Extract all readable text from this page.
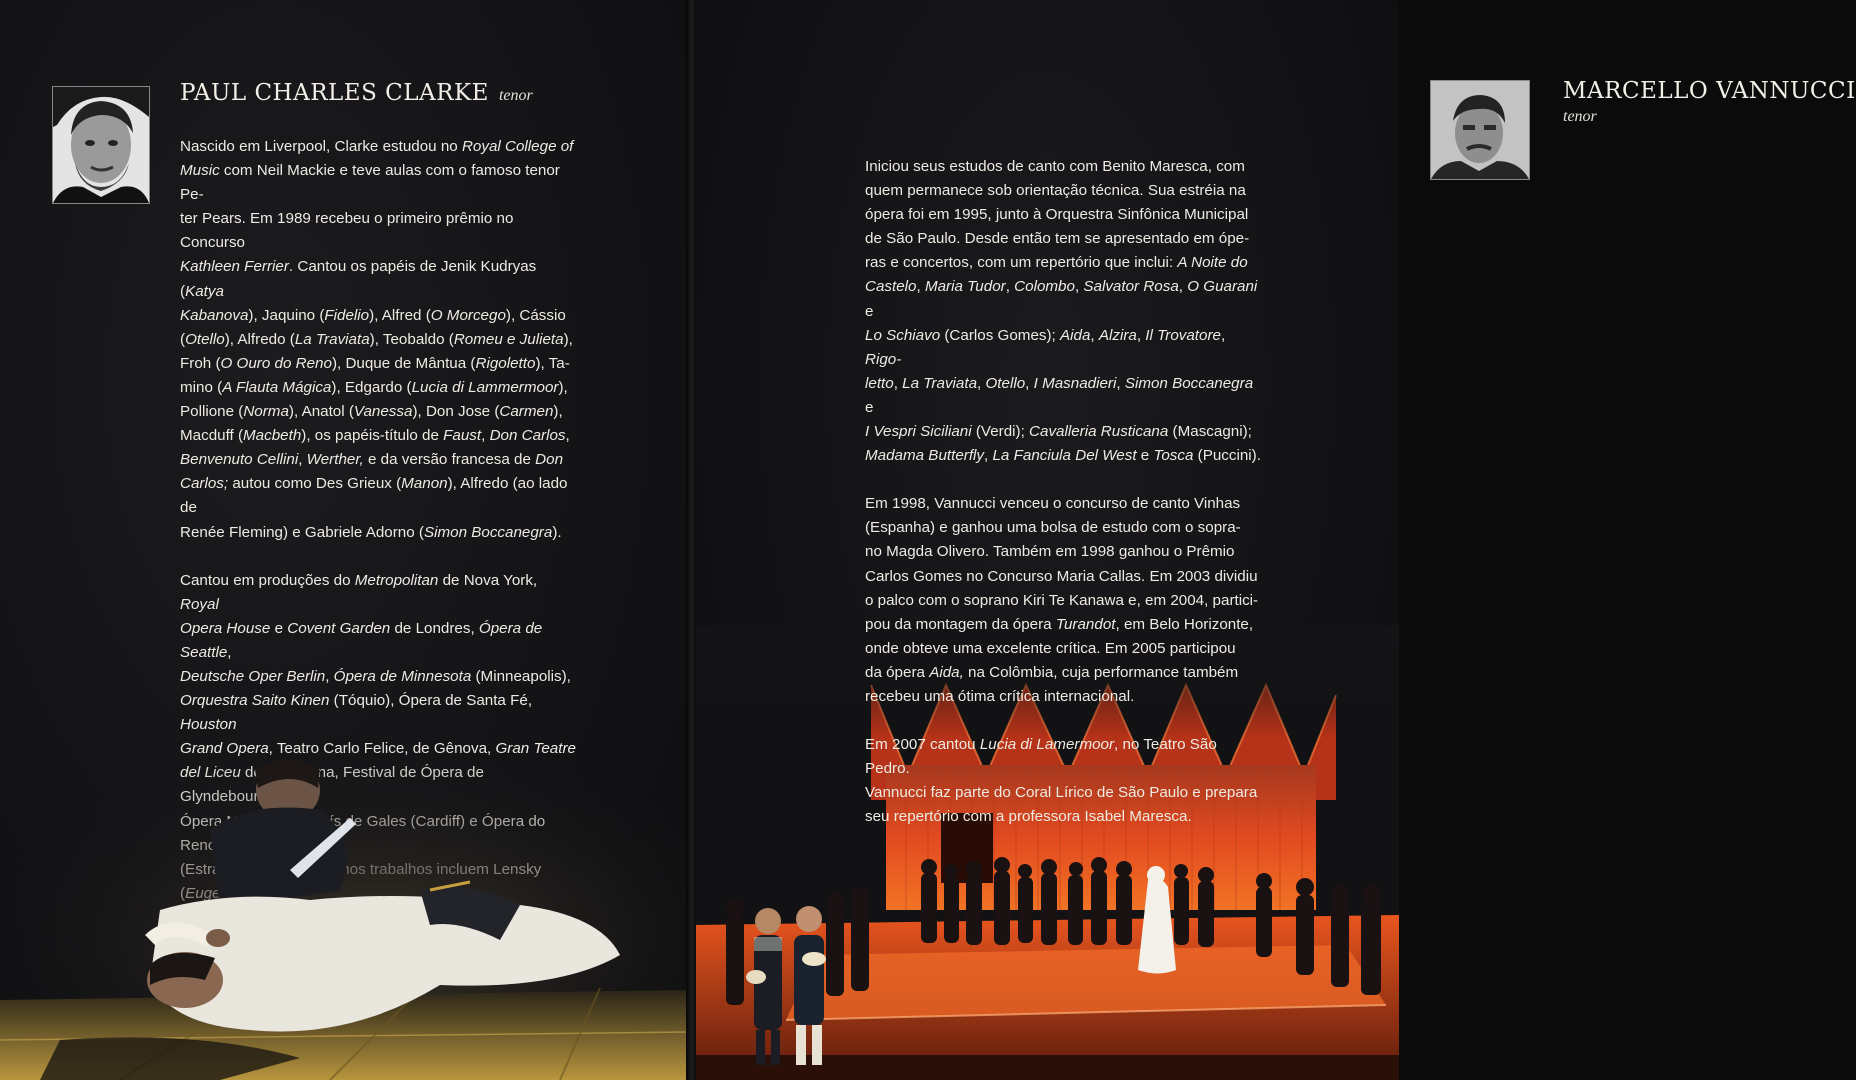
PAUL CHARLES CLARKE tenor

Nascido em Liverpool, Clarke estudou no Royal College of
Music com Neil Mackie e teve aulas com o famoso tenor Pe-
ter Pears. Em 1989 recebeu o primeiro prêmio no Concurso
Kathleen Ferrier. Cantou os papéis de Jenik Kudryas (Katya
Kabanova), Jaquino (Fidelio), Alfred (O Morcego), Cássio
(Otello), Alfredo (La Traviata), Teobaldo (Romeu e Julieta),
Froh (O Ouro do Reno), Duque de Mântua (Rigoletto), Ta-
mino (A Flauta Mágica), Edgardo (Lucia di Lammermoor),
Pollione (Norma), Anatol (Vanessa), Don Jose (Carmen),
Macduff (Macbeth), os papéis-título de Faust, Don Carlos,
Benvenuto Cellini, Werther, e da versão francesa de Don
Carlos; autou como Des Grieux (Manon), Alfredo (ao lado de
Renée Fleming) e Gabriele Adorno (Simon Boccanegra).

Cantou em produções do Metropolitan de Nova York, Royal
Opera House e Covent Garden de Londres, Ópera de Seattle,
Deutsche Oper Berlin, Ópera de Minnesota (Minneapolis),
Orquestra Saito Kinen (Tóquio), Ópera de Santa Fé, Houston

MARCELLO VANNUCCI
tenor

Iniciou seus estudos de canto com Benito Maresca, com
quem permanece sob orientação técnica. Sua estréia na
ópera foi em 1995, junto à Orquestra Sinfônica Municipal
de São Paulo. Desde então tem se apresentado em ópe-
ras e concertos, com um repertório que inclui: A Noite do
Castelo, Maria Tudor, Colombo, Salvator Rosa, O Guarani e
Lo Schiavo (Carlos Gomes); Aida, Alzira, Il Trovatore, Rigo-
letto, La Traviata, Otello, I Masnadieri, Simon Boccanegra e
I Vespri Siciliani (Verdi); Cavalleria Rusticana (Mascagni);
Madama Butterfly, La Fanciula Del West e Tosca (Puccini).

Em 1998, Vannucci venceu o concurso de canto Vinhas
(Espanha) e ganhou uma bolsa de estudo com o sopra-
no Magda Olivero. Também em 1998 ganhou o Prêmio
Carlos Gomes no Concurso Maria Callas. Em 2003 dividiu
o palco com o soprano Kiri Te Kanawa e, em 2004, partici-
pou da montagem da ópera Turandot, em Belo Horizonte,
onde obteve uma excelente crítica. Em 2005 participou
da ópera Aida, na Colômbia, cuja performance também
recebeu uma ótima crítica internacional.

Em 2007 cantou Lucia di Lamermoor, no Teatro São Pedro.
Vannucci faz parte do Coral Lírico de São Paulo e prepara
seu repertório com a professora Isabel Maresca.
